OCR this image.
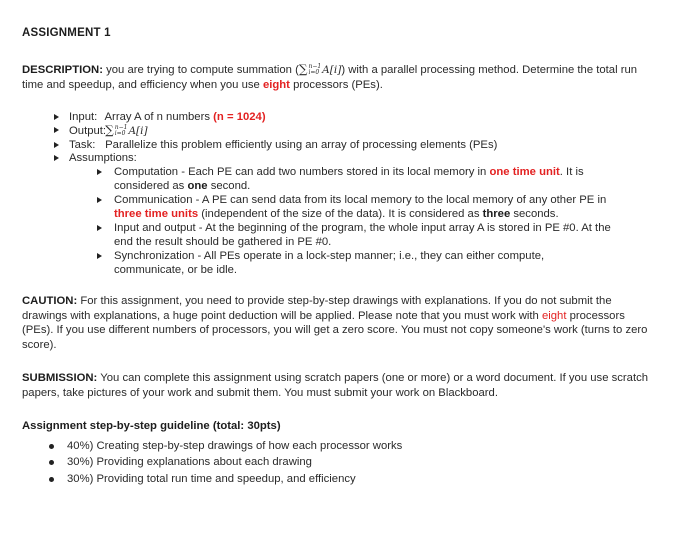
ASSIGNMENT 1

DESCRIPTION: you are trying to compute summation (∑n−1
i=0 A[i]) with a parallel processing method. Determine the total run time and speedup, and efficiency when you use eight processors (PEs).

Input: Array A of n numbers (n = 1024)
Output: ∑n−1
i=0 A[i]
Task: Parallelize this problem efficiently using an array of processing elements (PEs)
Assumptions:
Computation - Each PE can add two numbers stored in its local memory in one time unit. It is considered as one second.
Communication - A PE can send data from its local memory to the local memory of any other PE in three time units (independent of the size of the data). It is considered as three seconds.
Input and output - At the beginning of the program, the whole input array A is stored in PE #0. At the end the result should be gathered in PE #0.
Synchronization - All PEs operate in a lock-step manner; i.e., they can either compute, communicate, or be idle.

CAUTION: For this assignment, you need to provide step-by-step drawings with explanations. If you do not submit the drawings with explanations, a huge point deduction will be applied. Please note that you must work with eight processors (PEs). If you use different numbers of processors, you will get a zero score. You must not copy someone's work (turns to zero score).

SUBMISSION: You can complete this assignment using scratch papers (one or more) or a word document. If you use scratch papers, take pictures of your work and submit them. You must submit your work on Blackboard.

Assignment step-by-step guideline (total: 30pts)

40%) Creating step-by-step drawings of how each processor works
30%) Providing explanations about each drawing
30%) Providing total run time and speedup, and efficiency
